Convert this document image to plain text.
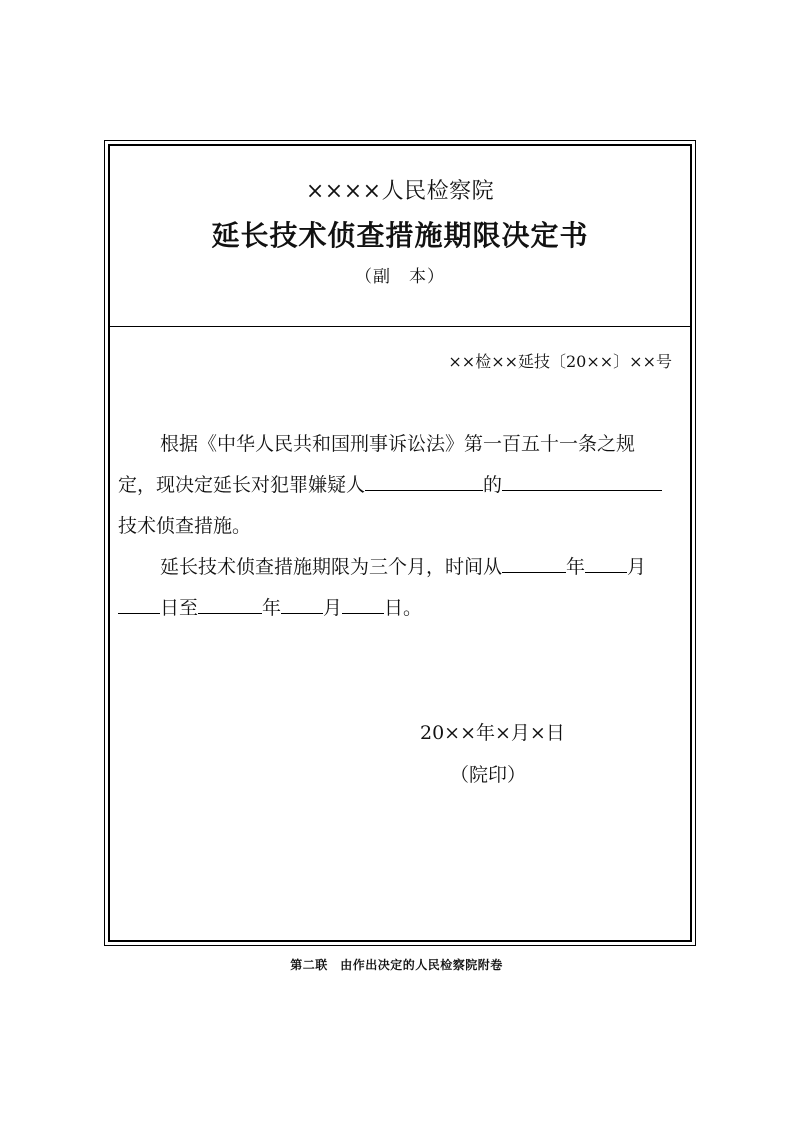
××××人民检察院
延长技术侦查措施期限决定书
（副　本）
××检××延技〔20××〕××号
根据《中华人民共和国刑事诉讼法》第一百五十一条之规
定，现决定延长对犯罪嫌疑人	的
技术侦查措施。
延长技术侦查措施期限为三个月，时间从	年 月
日至	年 月 日。
20××年×月×日
（院印）
第二联　由作出决定的人民检察院附卷
